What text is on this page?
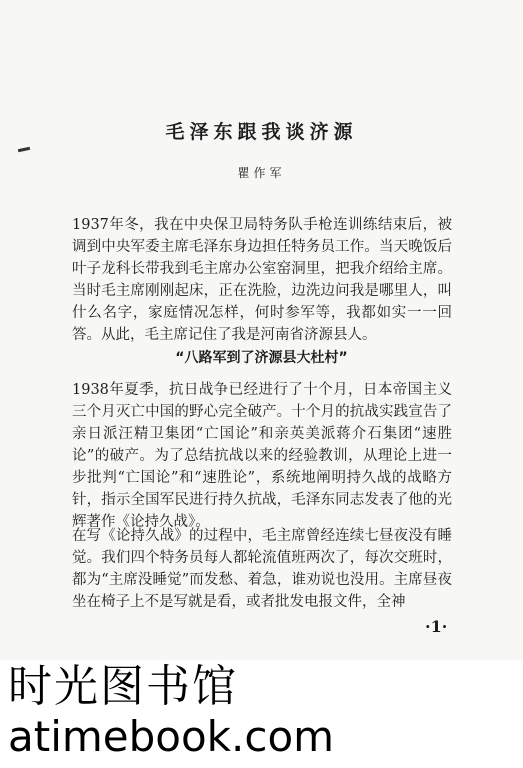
毛泽东跟我谈济源
瞿作军

1937年冬，我在中央保卫局特务队手枪连训练结束后，被调到中央军委主席毛泽东身边担任特务员工作。当天晚饭后叶子龙科长带我到毛主席办公室窑洞里，把我介绍给主席。当时毛主席刚刚起床，正在洗脸，边洗边问我是哪里人，叫什么名字，家庭情况怎样，何时参军等，我都如实一一回答。从此，毛主席记住了我是河南省济源县人。

“八路军到了济源县大杜村”

1938年夏季，抗日战争已经进行了十个月，日本帝国主义三个月灭亡中国的野心完全破产。十个月的抗战实践宣告了亲日派汪精卫集团“亡国论”和亲英美派蒋介石集团“速胜论”的破产。为了总结抗战以来的经验教训，从理论上进一步批判“亡国论”和“速胜论”，系统地阐明持久战的战略方针，指示全国军民进行持久抗战，毛泽东同志发表了他的光辉著作《论持久战》。

在写《论持久战》的过程中，毛主席曾经连续七昼夜没有睡觉。我们四个特务员每人都轮流值班两次了，每次交班时，都为“主席没睡觉”而发愁、着急，谁劝说也没用。主席昼夜坐在椅子上不是写就是看，或者批发电报文件，全神

·1·
时光图书馆
atimebook.com
